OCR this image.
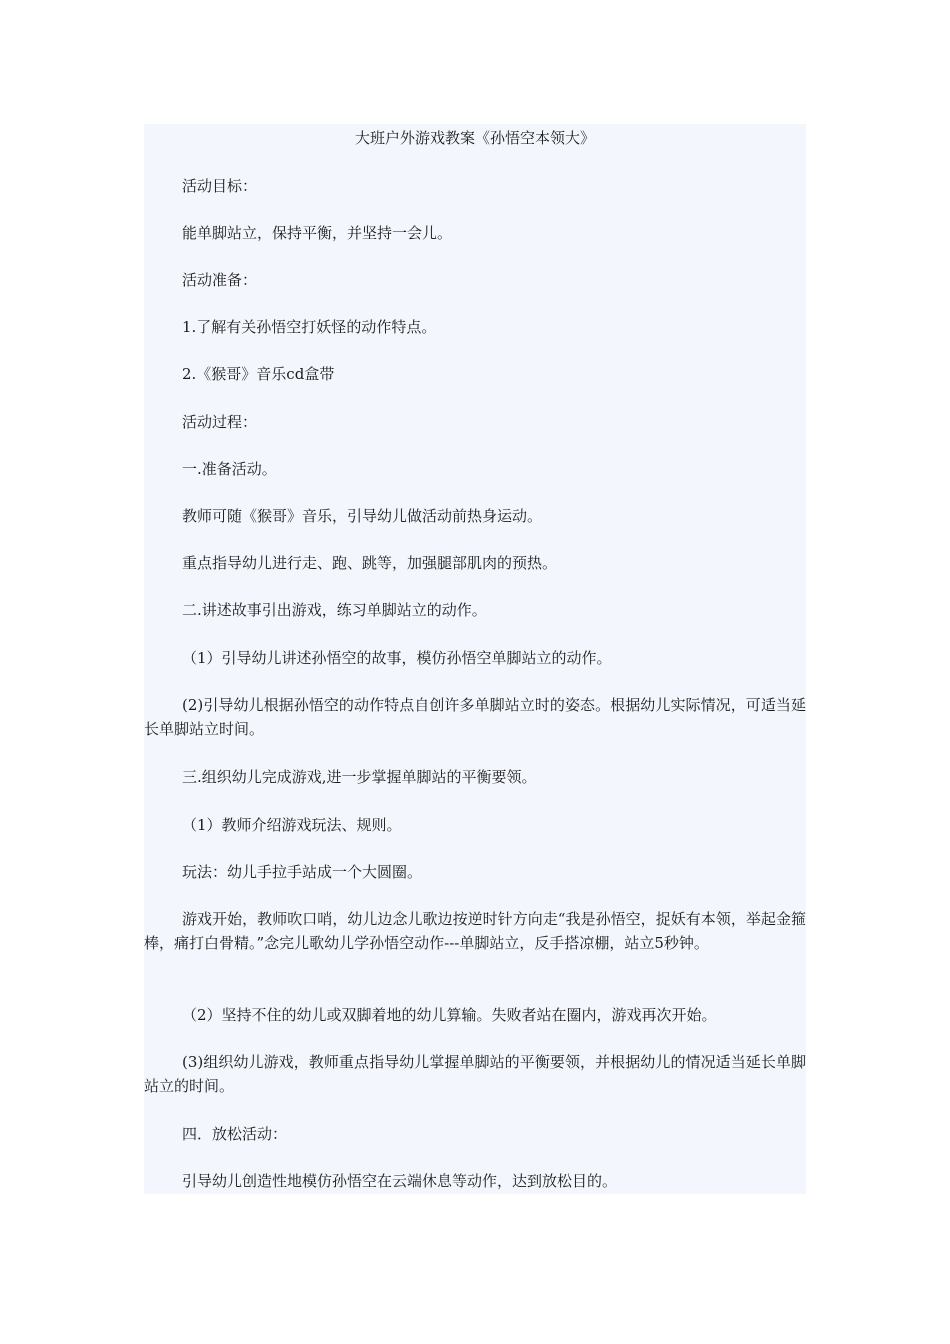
大班户外游戏教案《孙悟空本领大》

活动目标：

能单脚站立，保持平衡，并坚持一会儿。

活动准备：

1.了解有关孙悟空打妖怪的动作特点。

2.《猴哥》音乐cd盒带

活动过程：

一.准备活动。

教师可随《猴哥》音乐，引导幼儿做活动前热身运动。

重点指导幼儿进行走、跑、跳等，加强腿部肌肉的预热。

二.讲述故事引出游戏，练习单脚站立的动作。

（1）引导幼儿讲述孙悟空的故事，模仿孙悟空单脚站立的动作。

(2)引导幼儿根据孙悟空的动作特点自创许多单脚站立时的姿态。根据幼儿实际情况，可适当延长单脚站立时间。

三.组织幼儿完成游戏,进一步掌握单脚站的平衡要领。

（1）教师介绍游戏玩法、规则。

玩法：幼儿手拉手站成一个大圆圈。

游戏开始，教师吹口哨，幼儿边念儿歌边按逆时针方向走“我是孙悟空，捉妖有本领，举起金箍棒，痛打白骨精。”念完儿歌幼儿学孙悟空动作---单脚站立，反手搭凉棚，站立5秒钟。

（2）坚持不住的幼儿或双脚着地的幼儿算输。失败者站在圈内，游戏再次开始。

(3)组织幼儿游戏，教师重点指导幼儿掌握单脚站的平衡要领，并根据幼儿的情况适当延长单脚站立的时间。

四．放松活动：

引导幼儿创造性地模仿孙悟空在云端休息等动作，达到放松目的。
